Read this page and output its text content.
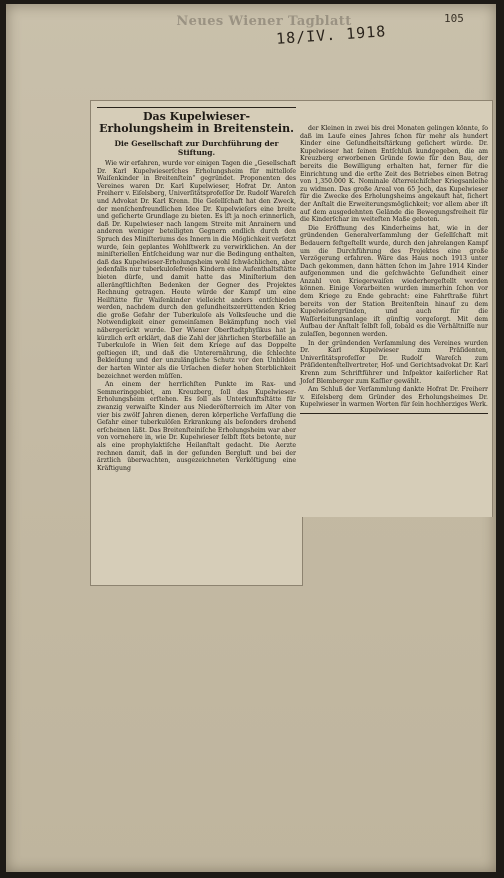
Neues Wiener Tagblatt
18/IV. 1918
105
Das Kupelwieser-Erholungsheim in Breitenstein.
Die Gesellschaft zur Durchführung der Stiftung.

Wie wir erfahren, wurde vor einigen Tagen die „Gesellschaft Dr. Karl Kupelwieserſches Erholungsheim für mittelloſe Waiſenkinder in Breitenſtein“ gegründet. Proponenten des Vereines waren Dr. Karl Kupelwieser, Hofrat Dr. Anton Freiherr v. Eiſelsberg, Univerſitätsprofeſſor Dr. Rudolf Wareſch und Advokat Dr. Karl Krenn. Die Geſellſchaft hat den Zweck, der menſchenfreundlichen Idee Dr. Kupelwieſers eine breite und geſicherte Grundlage zu bieten. Es iſt ja noch erinnerlich, daß Dr. Kupelwieser nach langem Streite mit Anrainern und anderen weniger beteiligten Gegnern endlich durch den Spruch des Miniſteriums des Innern in die Möglichkeit verſetzt wurde, ſein geplantes Wohlſtwerk zu verwirklichen. An der miniſteriellen Entſcheidung war nur die Bedingung enthalten, daß das Kupelwieser-Erholungsheim wohl ſchwächlichen, aber jedenfalls nur tuberkuloſefreien Kindern eine Aufenthaltsſtätte bieten dürfe, und damit hatte das Miniſterium den allerängſtlichſten Bedenken der Gegner des Projektes Rechnung getragen. Heute würde der Kampf um eine Heilſtätte für Waiſenkinder vielleicht anders entſchieden werden, nachdem durch den geſundheitszerrüttenden Krieg die große Gefahr der Tuberkuloſe als Volksſeuche und die Notwendigkeit einer gemeinſamen Bekämpfung noch viel näbergerückt wurde. Der Wiener Oberſtadtphyſikus hat ja kürzlich erſt erklärt, daß die Zahl der jährlichen Sterbefälle an Tuberkuloſe in Wien ſeit dem Kriege auf das Doppelte geſtiegen iſt, und daß die Unterernährung, die ſchlechte Bekleidung und der unzulängliche Schutz vor den Unbilden der harten Winter als die Urſachen dieſer hohen Sterblichkeit bezeichnet werden müſſen.

An einem der herrlichſten Punkte im Rax- und Semmeringgebiet, am Kreuzberg, ſoll das Kupelwieser-Erholungsheim erſtehen. Es ſoll als Unterkunftsſtätte für zwanzig verwaiſte Kinder aus Niederöſterreich im Alter von vier bis zwölf Jahren dienen, deren körperliche Verfaſſung die Gefahr einer tuberkulöſen Erkrankung als beſonders drohend erſcheinen läßt. Das Breitenſteiniſche Erholungsheim war aber von vornehere in, wie Dr. Kupelwieser ſelbſt ſtets betonte, nur als eine prophylaktiſche Heilanſtalt gedacht. Die Aerzte rechnen damit, daß in der geſunden Bergluft und bei der ärztlich überwachten, ausgezeichneten Verköſtigung eine Kräftigung

der Kleinen in zwei bis drei Monaten gelingen könnte, ſo daß im Laufe eines Jahres ſchon für mehr als hundert Kinder eine Geſundheitsſtärkung geſichert würde. Dr. Kupelwieser hat ſeinen Entſchluß kundgegeben, die am Kreuzberg erworbenen Gründe ſowie für den Bau, der bereits die Bewilligung erhalten hat, ferner für die Einrichtung und die erſte Zeit des Betriebes einen Betrag von 1,350.000 K. Nominale öſterreichiſcher Kriegsanleihe zu widmen. Das große Areal von 65 Joch, das Kupelwieser für die Zwecke des Erholungsheims angekauft hat, ſichert der Anſtalt die Erweiterungsmöglichkeit; vor allem aber iſt auf dem ausgedehnten Gelände die Bewegungsfreiheit für die Kinderſchar im weiteſten Maße geboten.

Die Eröffnung des Kinderheims hat, wie in der gründenden Generalverſammlung der Geſellſchaft mit Bedauern feſtgeſtellt wurde, durch den jahrelangen Kampf um die Durchführung des Projektes eine große Verzögerung erfahren. Wäre das Haus noch 1913 unter Dach gekommen, dann hätten ſchon im Jahre 1914 Kinder aufgenommen und die geſchwächte Geſundheit einer Anzahl von Kriegerwaiſen wiederhergeſtellt werden können. Einige Vorarbeiten wurden immerhin ſchon vor dem Kriege zu Ende gebracht: eine Fahrſtraße führt bereits von der Station Breitenſtein hinauf zu dem Kupelwieſergründen, und auch für die Waſſerleitungsanlage iſt günſtig vorgeſorgt. Mit dem Aufbau der Anſtalt ſelbſt ſoll, ſobald es die Verhältniſſe nur zulaſſen, begonnen werden.

In der gründenden Verſammlung des Vereines wurden Dr. Karl Kupelwieser zum Präſidenten, Univerſitätsprofeſſor Dr. Rudolf Wareſch zum Präſidentenſtellvertreter, Hof- und Gerichtsadvokat Dr. Karl Krenn zum Schriftführer und Inſpektor kaiſerlicher Rat Joſef Blemberger zum Kaſſier gewählt.

Am Schluß der Verſammlung dankte Hofrat Dr. Freiherr v. Eiſelsberg dem Gründer des Erholungsheimes Dr. Kupelwieser in warmen Worten für ſein hochherziges Werk.
